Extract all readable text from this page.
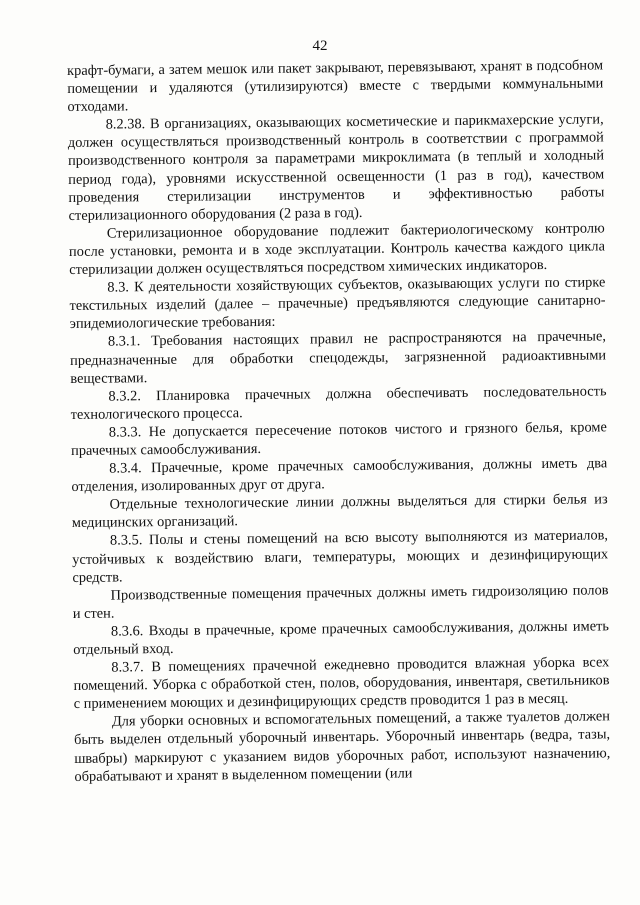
42

крафт-бумаги, а затем мешок или пакет закрывают, перевязывают, хранят в подсобном помещении и удаляются (утилизируются) вместе с твердыми коммунальными отходами.

8.2.38. В организациях, оказывающих косметические и парикмахерские услуги, должен осуществляться производственный контроль в соответствии с программой производственного контроля за параметрами микроклимата (в теплый и холодный период года), уровнями искусственной освещенности (1 раз в год), качеством проведения стерилизации инструментов и эффективностью работы стерилизационного оборудования (2 раза в год).

Стерилизационное оборудование подлежит бактериологическому контролю после установки, ремонта и в ходе эксплуатации. Контроль качества каждого цикла стерилизации должен осуществляться посредством химических индикаторов.

8.3. К деятельности хозяйствующих субъектов, оказывающих услуги по стирке текстильных изделий (далее – прачечные) предъявляются следующие санитарно-эпидемиологические требования:

8.3.1. Требования настоящих правил не распространяются на прачечные, предназначенные для обработки спецодежды, загрязненной радиоактивными веществами.

8.3.2. Планировка прачечных должна обеспечивать последовательность технологического процесса.

8.3.3. Не допускается пересечение потоков чистого и грязного белья, кроме прачечных самообслуживания.

8.3.4. Прачечные, кроме прачечных самообслуживания, должны иметь два отделения, изолированных друг от друга.

Отдельные технологические линии должны выделяться для стирки белья из медицинских организаций.

8.3.5. Полы и стены помещений на всю высоту выполняются из материалов, устойчивых к воздействию влаги, температуры, моющих и дезинфицирующих средств.

Производственные помещения прачечных должны иметь гидроизоляцию полов и стен.

8.3.6. Входы в прачечные, кроме прачечных самообслуживания, должны иметь отдельный вход.

8.3.7. В помещениях прачечной ежедневно проводится влажная уборка всех помещений. Уборка с обработкой стен, полов, оборудования, инвентаря, светильников с применением моющих и дезинфицирующих средств проводится 1 раз в месяц.

Для уборки основных и вспомогательных помещений, а также туалетов должен быть выделен отдельный уборочный инвентарь. Уборочный инвентарь (ведра, тазы, швабры) маркируют с указанием видов уборочных работ, используют назначению, обрабатывают и хранят в выделенном помещении (или
